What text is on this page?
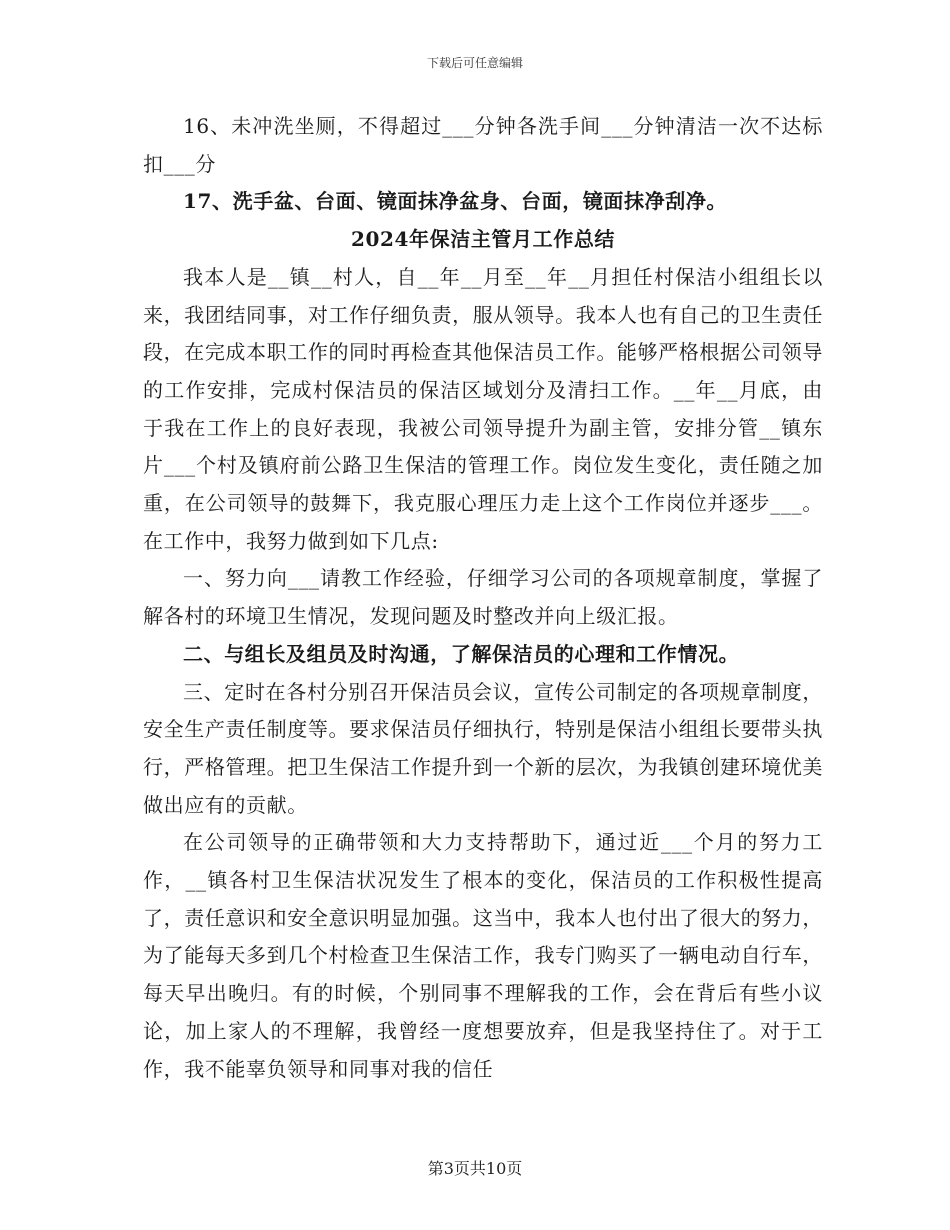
下载后可任意编辑

16、未冲洗坐厕，不得超过___分钟各洗手间___分钟清洁一次不达标扣___分

17、洗手盆、台面、镜面抹净盆身、台面，镜面抹净刮净。

2024年保洁主管月工作总结

我本人是__镇__村人，自__年__月至__年__月担任村保洁小组组长以来，我团结同事，对工作仔细负责，服从领导。我本人也有自己的卫生责任段，在完成本职工作的同时再检查其他保洁员工作。能够严格根据公司领导的工作安排，完成村保洁员的保洁区域划分及清扫工作。__年__月底，由于我在工作上的良好表现，我被公司领导提升为副主管，安排分管__镇东片___个村及镇府前公路卫生保洁的管理工作。岗位发生变化，责任随之加重，在公司领导的鼓舞下，我克服心理压力走上这个工作岗位并逐步___。在工作中，我努力做到如下几点:

一、努力向___请教工作经验，仔细学习公司的各项规章制度，掌握了解各村的环境卫生情况，发现问题及时整改并向上级汇报。

二、与组长及组员及时沟通，了解保洁员的心理和工作情况。

三、定时在各村分别召开保洁员会议，宣传公司制定的各项规章制度，安全生产责任制度等。要求保洁员仔细执行，特别是保洁小组组长要带头执行，严格管理。把卫生保洁工作提升到一个新的层次，为我镇创建环境优美做出应有的贡献。

在公司领导的正确带领和大力支持帮助下，通过近___个月的努力工作，__镇各村卫生保洁状况发生了根本的变化，保洁员的工作积极性提高了，责任意识和安全意识明显加强。这当中，我本人也付出了很大的努力，为了能每天多到几个村检查卫生保洁工作，我专门购买了一辆电动自行车，每天早出晚归。有的时候，个别同事不理解我的工作，会在背后有些小议论，加上家人的不理解，我曾经一度想要放弃，但是我坚持住了。对于工作，我不能辜负领导和同事对我的信任

第3页共10页
